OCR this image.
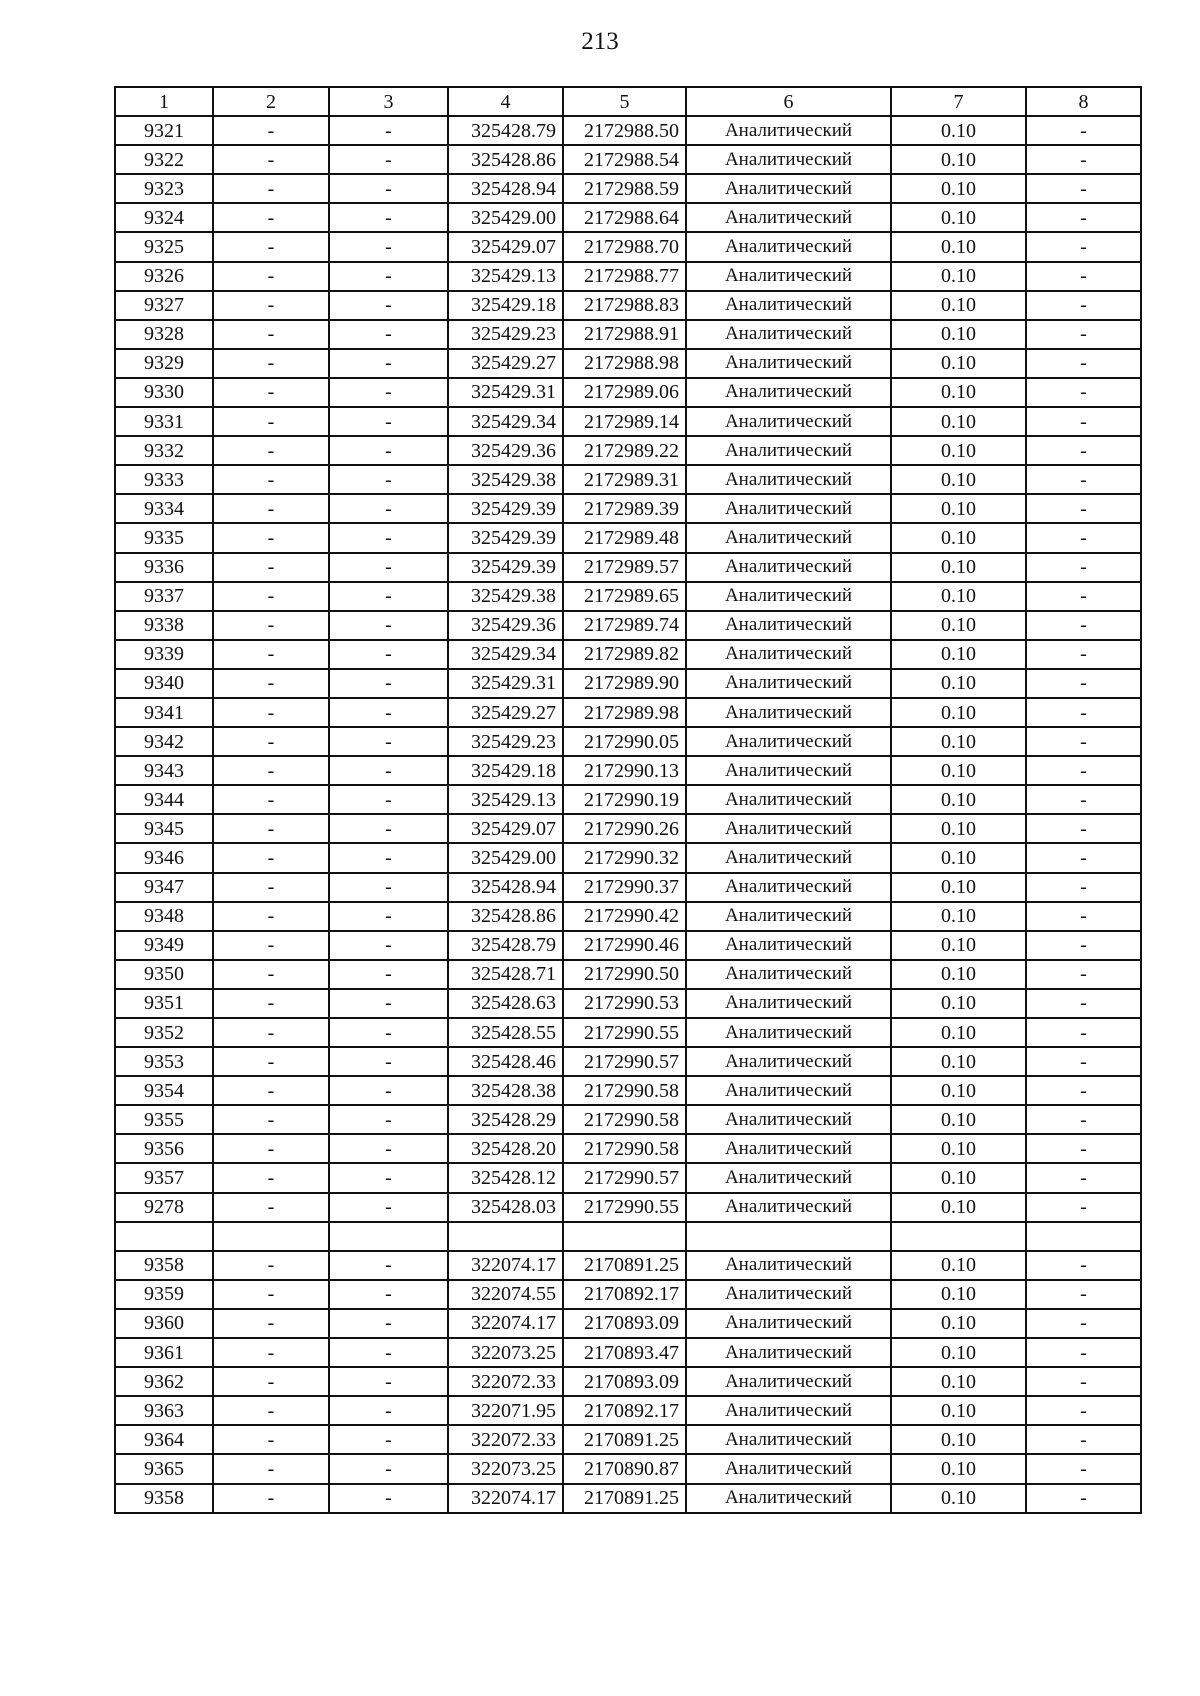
213
1	2	3	4	5	6	7	8
9321	-	-	325428.79	2172988.50	Аналитический	0.10	-
9322	-	-	325428.86	2172988.54	Аналитический	0.10	-
9323	-	-	325428.94	2172988.59	Аналитический	0.10	-
9324	-	-	325429.00	2172988.64	Аналитический	0.10	-
9325	-	-	325429.07	2172988.70	Аналитический	0.10	-
9326	-	-	325429.13	2172988.77	Аналитический	0.10	-
9327	-	-	325429.18	2172988.83	Аналитический	0.10	-
9328	-	-	325429.23	2172988.91	Аналитический	0.10	-
9329	-	-	325429.27	2172988.98	Аналитический	0.10	-
9330	-	-	325429.31	2172989.06	Аналитический	0.10	-
9331	-	-	325429.34	2172989.14	Аналитический	0.10	-
9332	-	-	325429.36	2172989.22	Аналитический	0.10	-
9333	-	-	325429.38	2172989.31	Аналитический	0.10	-
9334	-	-	325429.39	2172989.39	Аналитический	0.10	-
9335	-	-	325429.39	2172989.48	Аналитический	0.10	-
9336	-	-	325429.39	2172989.57	Аналитический	0.10	-
9337	-	-	325429.38	2172989.65	Аналитический	0.10	-
9338	-	-	325429.36	2172989.74	Аналитический	0.10	-
9339	-	-	325429.34	2172989.82	Аналитический	0.10	-
9340	-	-	325429.31	2172989.90	Аналитический	0.10	-
9341	-	-	325429.27	2172989.98	Аналитический	0.10	-
9342	-	-	325429.23	2172990.05	Аналитический	0.10	-
9343	-	-	325429.18	2172990.13	Аналитический	0.10	-
9344	-	-	325429.13	2172990.19	Аналитический	0.10	-
9345	-	-	325429.07	2172990.26	Аналитический	0.10	-
9346	-	-	325429.00	2172990.32	Аналитический	0.10	-
9347	-	-	325428.94	2172990.37	Аналитический	0.10	-
9348	-	-	325428.86	2172990.42	Аналитический	0.10	-
9349	-	-	325428.79	2172990.46	Аналитический	0.10	-
9350	-	-	325428.71	2172990.50	Аналитический	0.10	-
9351	-	-	325428.63	2172990.53	Аналитический	0.10	-
9352	-	-	325428.55	2172990.55	Аналитический	0.10	-
9353	-	-	325428.46	2172990.57	Аналитический	0.10	-
9354	-	-	325428.38	2172990.58	Аналитический	0.10	-
9355	-	-	325428.29	2172990.58	Аналитический	0.10	-
9356	-	-	325428.20	2172990.58	Аналитический	0.10	-
9357	-	-	325428.12	2172990.57	Аналитический	0.10	-
9278	-	-	325428.03	2172990.55	Аналитический	0.10	-

9358	-	-	322074.17	2170891.25	Аналитический	0.10	-
9359	-	-	322074.55	2170892.17	Аналитический	0.10	-
9360	-	-	322074.17	2170893.09	Аналитический	0.10	-
9361	-	-	322073.25	2170893.47	Аналитический	0.10	-
9362	-	-	322072.33	2170893.09	Аналитический	0.10	-
9363	-	-	322071.95	2170892.17	Аналитический	0.10	-
9364	-	-	322072.33	2170891.25	Аналитический	0.10	-
9365	-	-	322073.25	2170890.87	Аналитический	0.10	-
9358	-	-	322074.17	2170891.25	Аналитический	0.10	-
